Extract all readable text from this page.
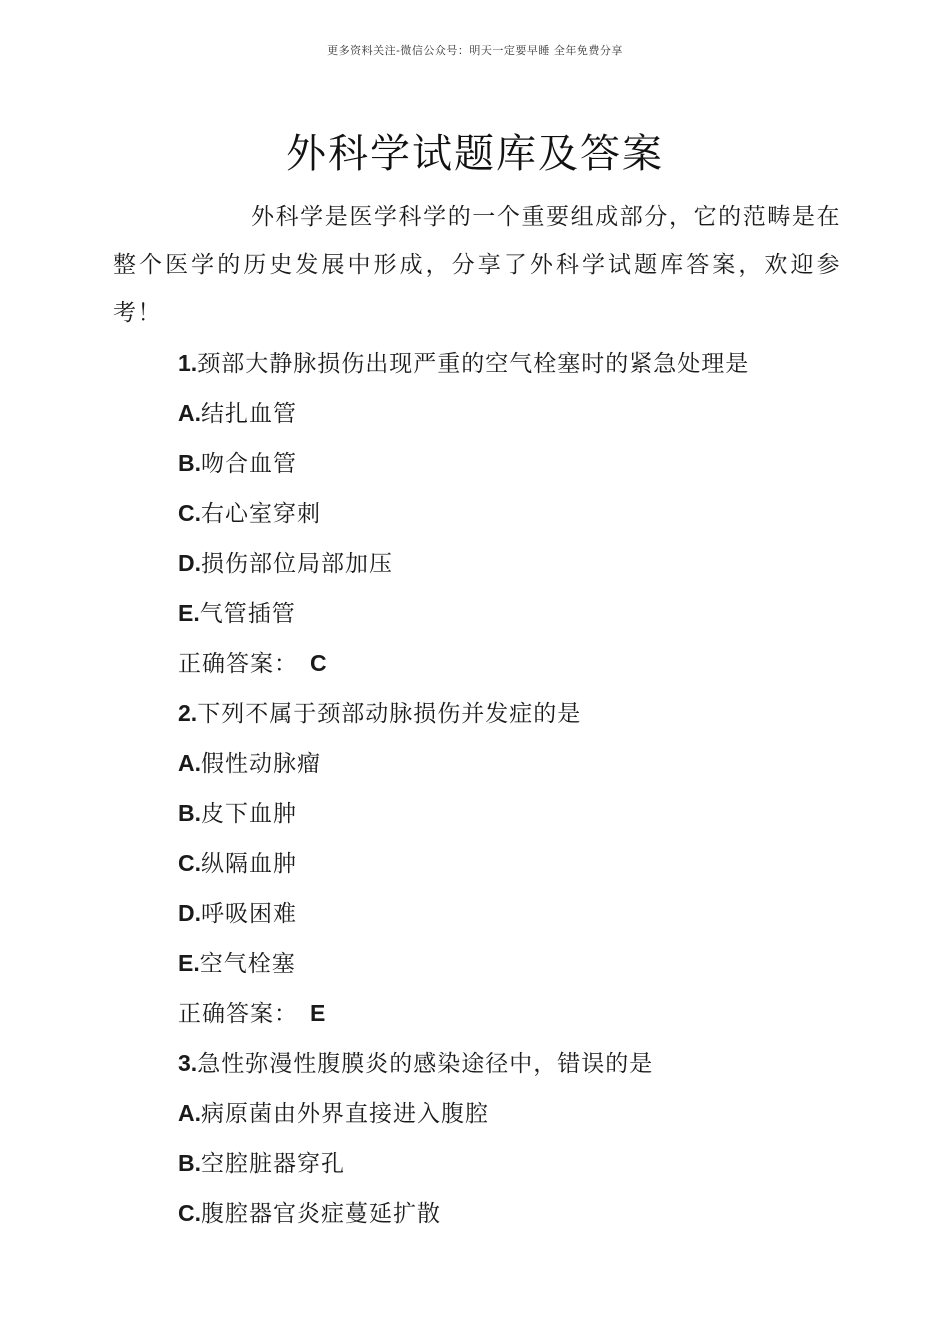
更多资料关注-微信公众号：明天一定要早睡 全年免费分享
外科学试题库及答案

外科学是医学科学的一个重要组成部分，它的范畴是在整个医学的历史发展中形成，分享了外科学试题库答案，欢迎参考！

1.颈部大静脉损伤出现严重的空气栓塞时的紧急处理是
A.结扎血管
B.吻合血管
C.右心室穿刺
D.损伤部位局部加压
E.气管插管
正确答案： C
2.下列不属于颈部动脉损伤并发症的是
A.假性动脉瘤
B.皮下血肿
C.纵隔血肿
D.呼吸困难
E.空气栓塞
正确答案： E
3.急性弥漫性腹膜炎的感染途径中，错误的是
A.病原菌由外界直接进入腹腔
B.空腔脏器穿孔
C.腹腔器官炎症蔓延扩散
